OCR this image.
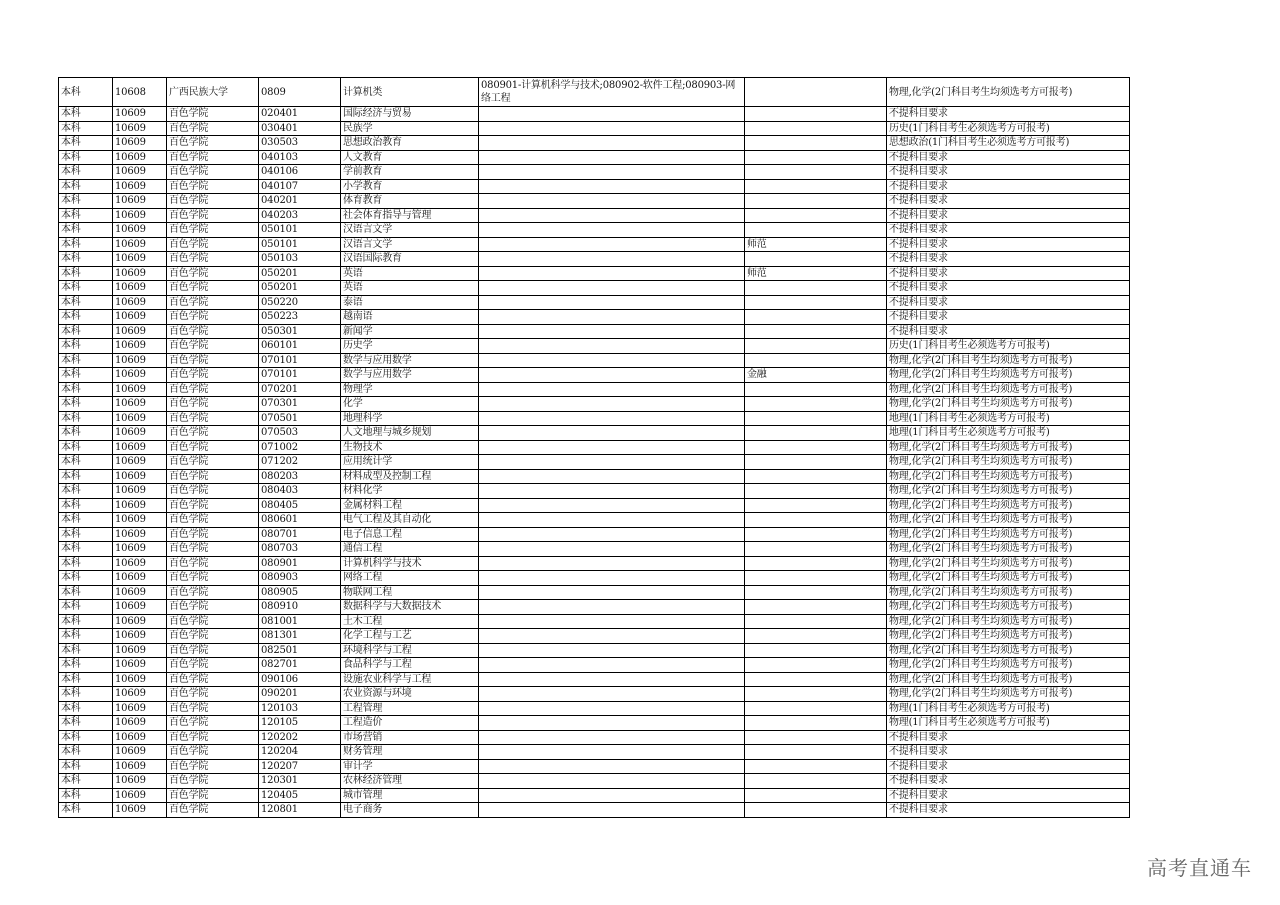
本科	10608	广西民族大学	0809	计算机类	080901-计算机科学与技术;080902-软件工程;080903-网络工程		物理,化学(2门科目考生均须选考方可报考)
本科	10609	百色学院	020401	国际经济与贸易			不提科目要求
本科	10609	百色学院	030401	民族学			历史(1门科目考生必须选考方可报考)
本科	10609	百色学院	030503	思想政治教育			思想政治(1门科目考生必须选考方可报考)
本科	10609	百色学院	040103	人文教育			不提科目要求
本科	10609	百色学院	040106	学前教育			不提科目要求
本科	10609	百色学院	040107	小学教育			不提科目要求
本科	10609	百色学院	040201	体育教育			不提科目要求
本科	10609	百色学院	040203	社会体育指导与管理			不提科目要求
本科	10609	百色学院	050101	汉语言文学			不提科目要求
本科	10609	百色学院	050101	汉语言文学		师范	不提科目要求
本科	10609	百色学院	050103	汉语国际教育			不提科目要求
本科	10609	百色学院	050201	英语		师范	不提科目要求
本科	10609	百色学院	050201	英语			不提科目要求
本科	10609	百色学院	050220	泰语			不提科目要求
本科	10609	百色学院	050223	越南语			不提科目要求
本科	10609	百色学院	050301	新闻学			不提科目要求
本科	10609	百色学院	060101	历史学			历史(1门科目考生必须选考方可报考)
本科	10609	百色学院	070101	数学与应用数学			物理,化学(2门科目考生均须选考方可报考)
本科	10609	百色学院	070101	数学与应用数学		金融	物理,化学(2门科目考生均须选考方可报考)
本科	10609	百色学院	070201	物理学			物理,化学(2门科目考生均须选考方可报考)
本科	10609	百色学院	070301	化学			物理,化学(2门科目考生均须选考方可报考)
本科	10609	百色学院	070501	地理科学			地理(1门科目考生必须选考方可报考)
本科	10609	百色学院	070503	人文地理与城乡规划			地理(1门科目考生必须选考方可报考)
本科	10609	百色学院	071002	生物技术			物理,化学(2门科目考生均须选考方可报考)
本科	10609	百色学院	071202	应用统计学			物理,化学(2门科目考生均须选考方可报考)
本科	10609	百色学院	080203	材料成型及控制工程			物理,化学(2门科目考生均须选考方可报考)
本科	10609	百色学院	080403	材料化学			物理,化学(2门科目考生均须选考方可报考)
本科	10609	百色学院	080405	金属材料工程			物理,化学(2门科目考生均须选考方可报考)
本科	10609	百色学院	080601	电气工程及其自动化			物理,化学(2门科目考生均须选考方可报考)
本科	10609	百色学院	080701	电子信息工程			物理,化学(2门科目考生均须选考方可报考)
本科	10609	百色学院	080703	通信工程			物理,化学(2门科目考生均须选考方可报考)
本科	10609	百色学院	080901	计算机科学与技术			物理,化学(2门科目考生均须选考方可报考)
本科	10609	百色学院	080903	网络工程			物理,化学(2门科目考生均须选考方可报考)
本科	10609	百色学院	080905	物联网工程			物理,化学(2门科目考生均须选考方可报考)
本科	10609	百色学院	080910	数据科学与大数据技术			物理,化学(2门科目考生均须选考方可报考)
本科	10609	百色学院	081001	土木工程			物理,化学(2门科目考生均须选考方可报考)
本科	10609	百色学院	081301	化学工程与工艺			物理,化学(2门科目考生均须选考方可报考)
本科	10609	百色学院	082501	环境科学与工程			物理,化学(2门科目考生均须选考方可报考)
本科	10609	百色学院	082701	食品科学与工程			物理,化学(2门科目考生均须选考方可报考)
本科	10609	百色学院	090106	设施农业科学与工程			物理,化学(2门科目考生均须选考方可报考)
本科	10609	百色学院	090201	农业资源与环境			物理,化学(2门科目考生均须选考方可报考)
本科	10609	百色学院	120103	工程管理			物理(1门科目考生必须选考方可报考)
本科	10609	百色学院	120105	工程造价			物理(1门科目考生必须选考方可报考)
本科	10609	百色学院	120202	市场营销			不提科目要求
本科	10609	百色学院	120204	财务管理			不提科目要求
本科	10609	百色学院	120207	审计学			不提科目要求
本科	10609	百色学院	120301	农林经济管理			不提科目要求
本科	10609	百色学院	120405	城市管理			不提科目要求
本科	10609	百色学院	120801	电子商务			不提科目要求
高考直通车
